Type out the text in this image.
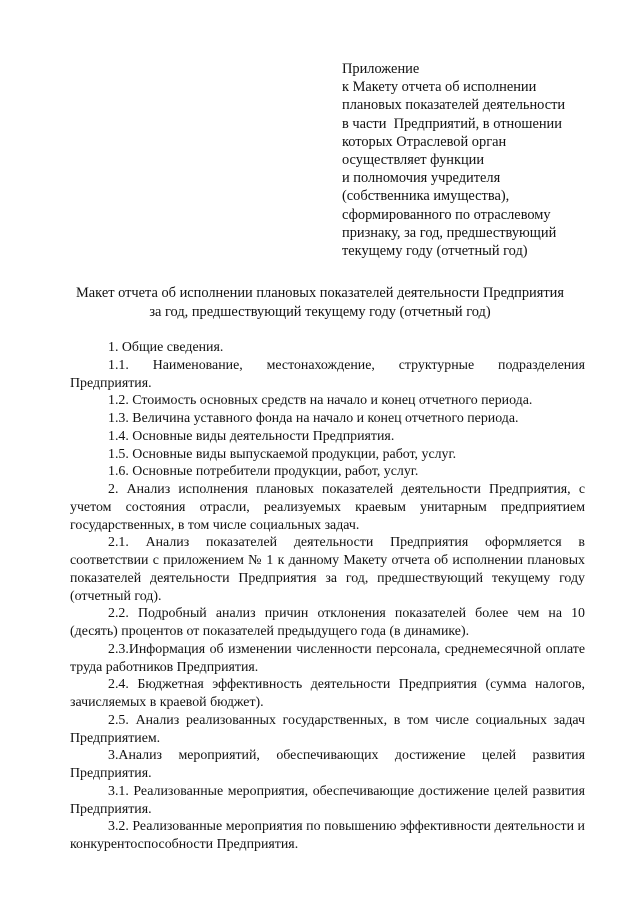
Приложение
к Макету отчета об исполнении
плановых показателей деятельности
в части  Предприятий, в отношении
которых Отраслевой орган
осуществляет функции
и полномочия учредителя
(собственника имущества),
сформированного по отраслевому
признаку, за год, предшествующий
текущему году (отчетный год)
Макет отчета об исполнении плановых показателей деятельности Предприятия
за год, предшествующий текущему году (отчетный год)

1. Общие сведения.

1.1. Наименование, местонахождение, структурные подразделения Предприятия.

1.2. Стоимость основных средств на начало и конец отчетного периода.

1.3. Величина уставного фонда на начало и конец отчетного периода.

1.4. Основные виды деятельности Предприятия.

1.5. Основные виды выпускаемой продукции, работ, услуг.

1.6. Основные потребители продукции, работ, услуг.

2. Анализ исполнения плановых показателей деятельности Предприятия, с учетом состояния отрасли, реализуемых краевым унитарным предприятием государственных, в том числе социальных задач.

2.1. Анализ показателей деятельности Предприятия оформляется в соответствии с приложением № 1 к данному Макету отчета об исполнении плановых показателей деятельности Предприятия за год, предшествующий текущему году (отчетный год).

2.2. Подробный анализ причин отклонения показателей более чем на 10 (десять) процентов от показателей предыдущего года (в динамике).

2.3.Информация об изменении численности персонала, среднемесячной оплате труда работников Предприятия.

2.4. Бюджетная эффективность деятельности Предприятия (сумма налогов, зачисляемых в краевой бюджет).

2.5. Анализ реализованных государственных, в том числе социальных задач Предприятием.

3.Анализ мероприятий, обеспечивающих достижение целей развития Предприятия.

3.1. Реализованные мероприятия, обеспечивающие достижение целей развития Предприятия.

3.2. Реализованные мероприятия по повышению эффективности деятельности и конкурентоспособности Предприятия.
